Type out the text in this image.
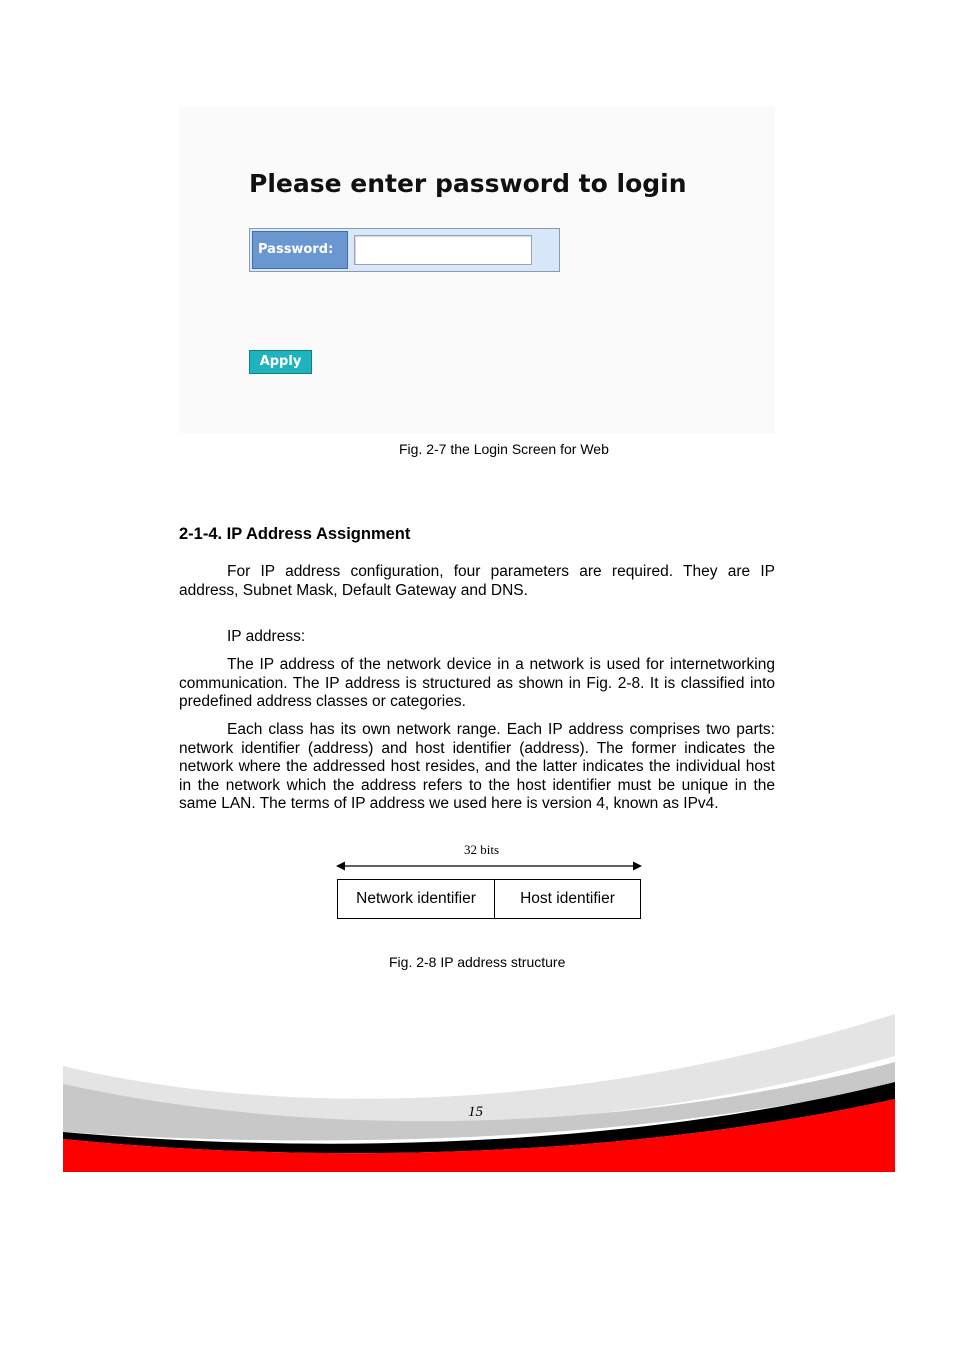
Please enter password to login
Password:
Apply
Fig. 2-7 the Login Screen for Web
2-1-4. IP Address Assignment

For IP address configuration, four parameters are required. They are IP address, Subnet Mask, Default Gateway and DNS.

IP address:

The IP address of the network device in a network is used for internetworking communication. The IP address is structured as shown in Fig. 2-8. It is classified into predefined address classes or categories.

Each class has its own network range. Each IP address comprises two parts: network identifier (address) and host identifier (address). The former indicates the network where the addressed host resides, and the latter indicates the individual host in the network which the address refers to the host identifier must be unique in the same LAN. The terms of IP address we used here is version 4, known as IPv4.

32 bits
Network identifier	Host identifier
Fig. 2-8 IP address structure
15
